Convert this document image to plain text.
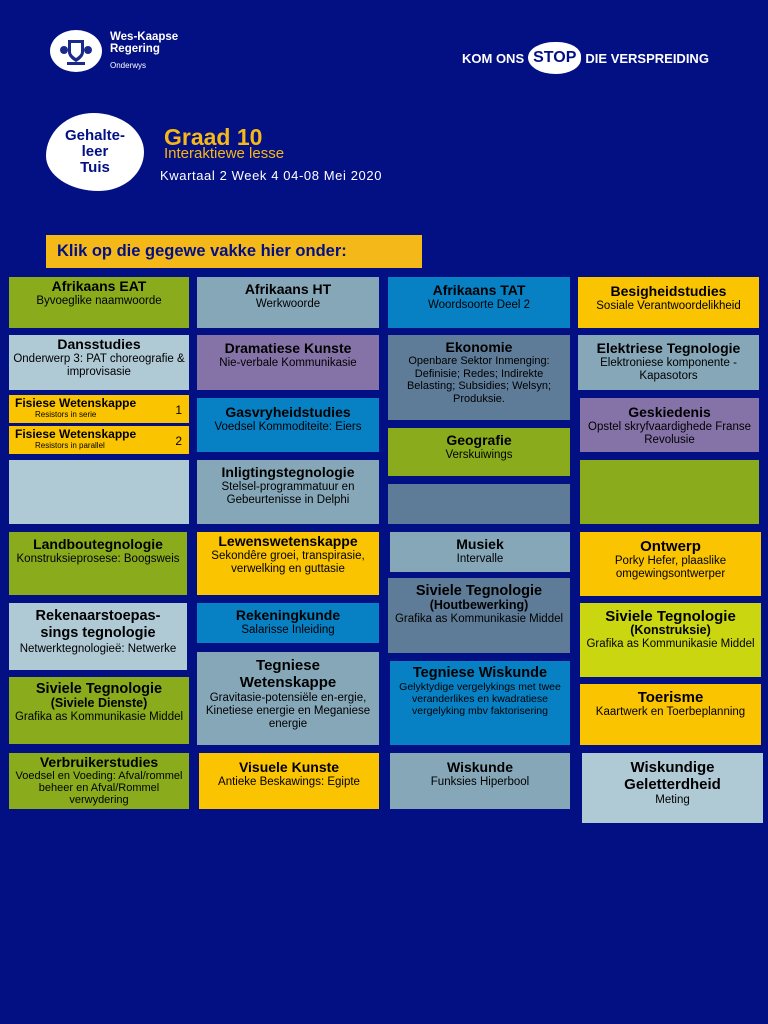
Wes-Kaapse
Regering
Onderwys	KOM ONS STOP DIE VERSPREIDING
Gehalte-
leer
Tuis
Graad 10
Interaktiewe lesse
Kwartaal 2 Week 4 04-08 Mei 2020
Klik op die gegewe vakke hier onder:
Afrikaans EAT
Byvoeglike naamwoorde
Dansstudies
Onderwerp 3: PAT choreografie & improvisasie
Fisiese Wetenskappe
Resistors in serie	1
Fisiese Wetenskappe
Resistors in parallel	2
Landboutegnologie
Konstruksieprosese: Boogsweis
Rekenaarstoepas-sings tegnologie
Netwerktegnologieë: Netwerke
Siviele Tegnologie
(Siviele Dienste)
Grafika as Kommunikasie Middel
Verbruikerstudies
Voedsel en Voeding: Afval/rommel beheer en Afval/Rommel verwydering
Afrikaans HT
Werkwoorde
Dramatiese Kunste
Nie-verbale Kommunikasie
Gasvryheidstudies
Voedsel Kommoditeite: Eiers
Inligtingstegnologie
Stelsel-programmatuur en Gebeurtenisse in Delphi
Lewenswetenskappe
Sekondêre groei, transpirasie, verwelking en guttasie
Rekeningkunde
Salarisse Inleiding
Tegniese Wetenskappe
Gravitasie-potensiële en-ergie, Kinetiese energie en Meganiese energie
Visuele Kunste
Antieke Beskawings: Egipte
Afrikaans TAT
Woordsoorte Deel 2
Ekonomie
Openbare Sektor Inmenging: Definisie; Redes; Indirekte Belasting; Subsidies; Welsyn; Produksie.
Geografie
Verskuiwings
Musiek
Intervalle
Siviele Tegnologie
(Houtbewerking)
Grafika as Kommunikasie Middel
Tegniese Wiskunde
Gelyktydige vergelykings met twee veranderlikes en kwadratiese vergelyking mbv faktorisering
Wiskunde
Funksies Hiperbool
Besigheidstudies
Sosiale Verantwoordelikheid
Elektriese Tegnologie
Elektroniese komponente - Kapasotors
Geskiedenis
Opstel skryfvaardighede Franse Revolusie
Ontwerp
Porky Hefer, plaaslike omgewingsontwerper
Siviele Tegnologie
(Konstruksie)
Grafika as Kommunikasie Middel
Toerisme
Kaartwerk en Toerbeplanning
Wiskundige Geletterdheid
Meting
